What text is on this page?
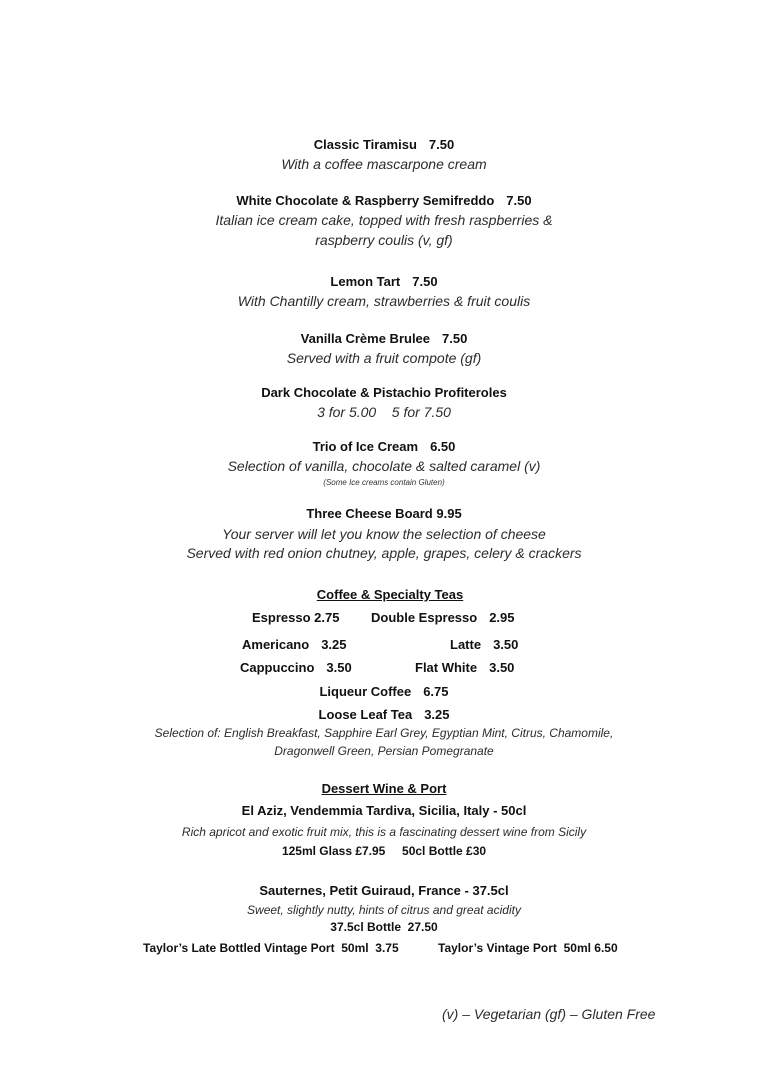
Classic Tiramisu 7.50
With a coffee mascarpone cream
White Chocolate & Raspberry Semifreddo 7.50
Italian ice cream cake, topped with fresh raspberries &
raspberry coulis (v, gf)
Lemon Tart 7.50
With Chantilly cream, strawberries & fruit coulis
Vanilla Crème Brulee 7.50
Served with a fruit compote (gf)
Dark Chocolate & Pistachio Profiteroles
3 for 5.00    5 for 7.50
Trio of Ice Cream 6.50
Selection of vanilla, chocolate & salted caramel (v)
(Some Ice creams contain Gluten)
Three Cheese Board 9.95
Your server will let you know the selection of cheese
Served with red onion chutney, apple, grapes, celery & crackers
Coffee & Specialty Teas
Espresso 2.75 Double Espresso 2.95
Americano 3.25	Latte 3.50
Cappuccino 3.50	Flat White 3.50
Liqueur Coffee 6.75
Loose Leaf Tea 3.25
Selection of: English Breakfast, Sapphire Earl Grey, Egyptian Mint, Citrus, Chamomile,
Dragonwell Green, Persian Pomegranate
Dessert Wine & Port
El Aziz, Vendemmia Tardiva, Sicilia, Italy - 50cl
Rich apricot and exotic fruit mix, this is a fascinating dessert wine from Sicily
125ml Glass £7.95     50cl Bottle £30
Sauternes, Petit Guiraud, France - 37.5cl
Sweet, slightly nutty, hints of citrus and great acidity
37.5cl Bottle  27.50
Taylor’s Late Bottled Vintage Port  50ml  3.75	Taylor’s Vintage Port  50ml 6.50
(v) – Vegetarian (gf) – Gluten Free
